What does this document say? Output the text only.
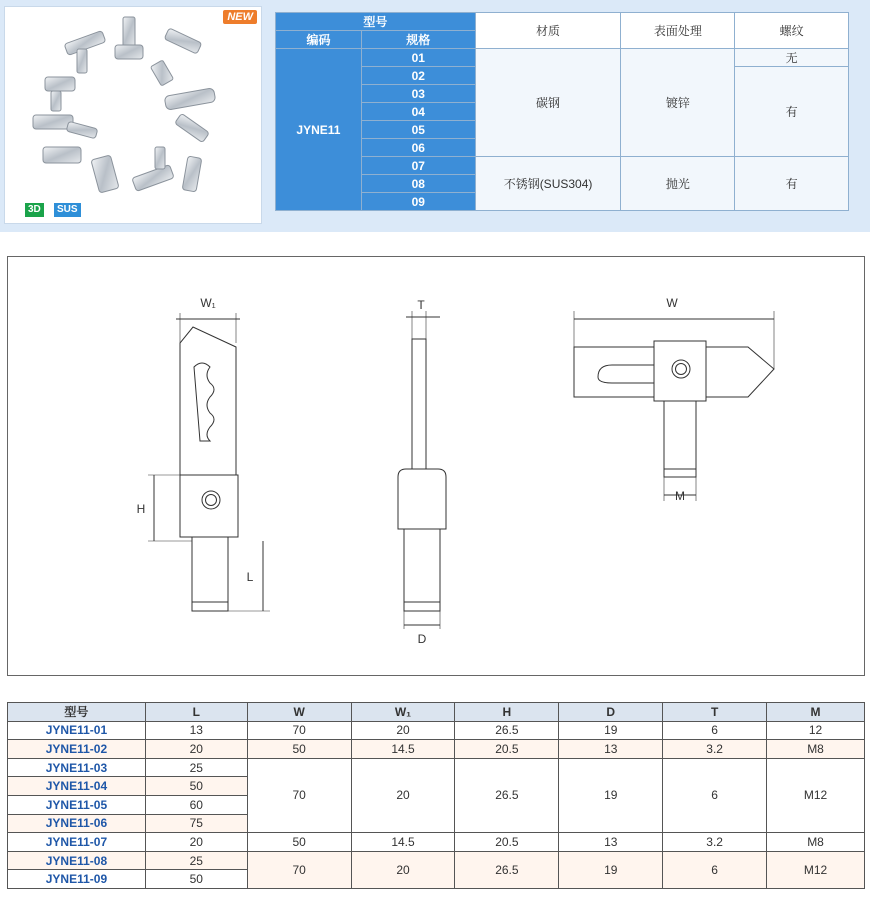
NEW
3D	SUS
型号		材质	表面处理	螺纹
编码	规格			
JYNE11	01	碳钢	镀锌	无
	02			有
	03			
	04			
	05			
	06			
	07	不锈钢(SUS304)	抛光	有
	08			
	09			
W₁
H
L
T
D
W
M
型号	L	W	W₁	H	D	T	M
JYNE11-01	13	70	20	26.5	19	6	12
JYNE11-02	20	50	14.5	20.5	13	3.2	M8
JYNE11-03	25	70	20	26.5	19	6	M12
JYNE11-04	50						
JYNE11-05	60						
JYNE11-06	75						
JYNE11-07	20	50	14.5	20.5	13	3.2	M8
JYNE11-08	25	70	20	26.5	19	6	M12
JYNE11-09	50						
